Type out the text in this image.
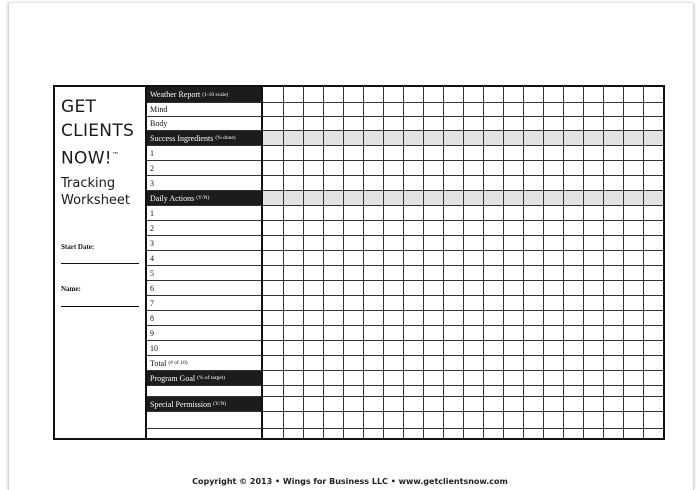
GET
CLIENTS
NOW!™
Tracking
Worksheet
Start Date:
Name:
Weather Report (1-10 scale)
Mind
Body
Success Ingredients (% done)
1
2
3
Daily Actions (Y/N)
1
2
3
4
5
6
7
8
9
10
Total (# of 10)
Program Goal (% of target)
Special Permission (Y/N)
Copyright © 2013 • Wings for Business LLC • www.getclientsnow.com
